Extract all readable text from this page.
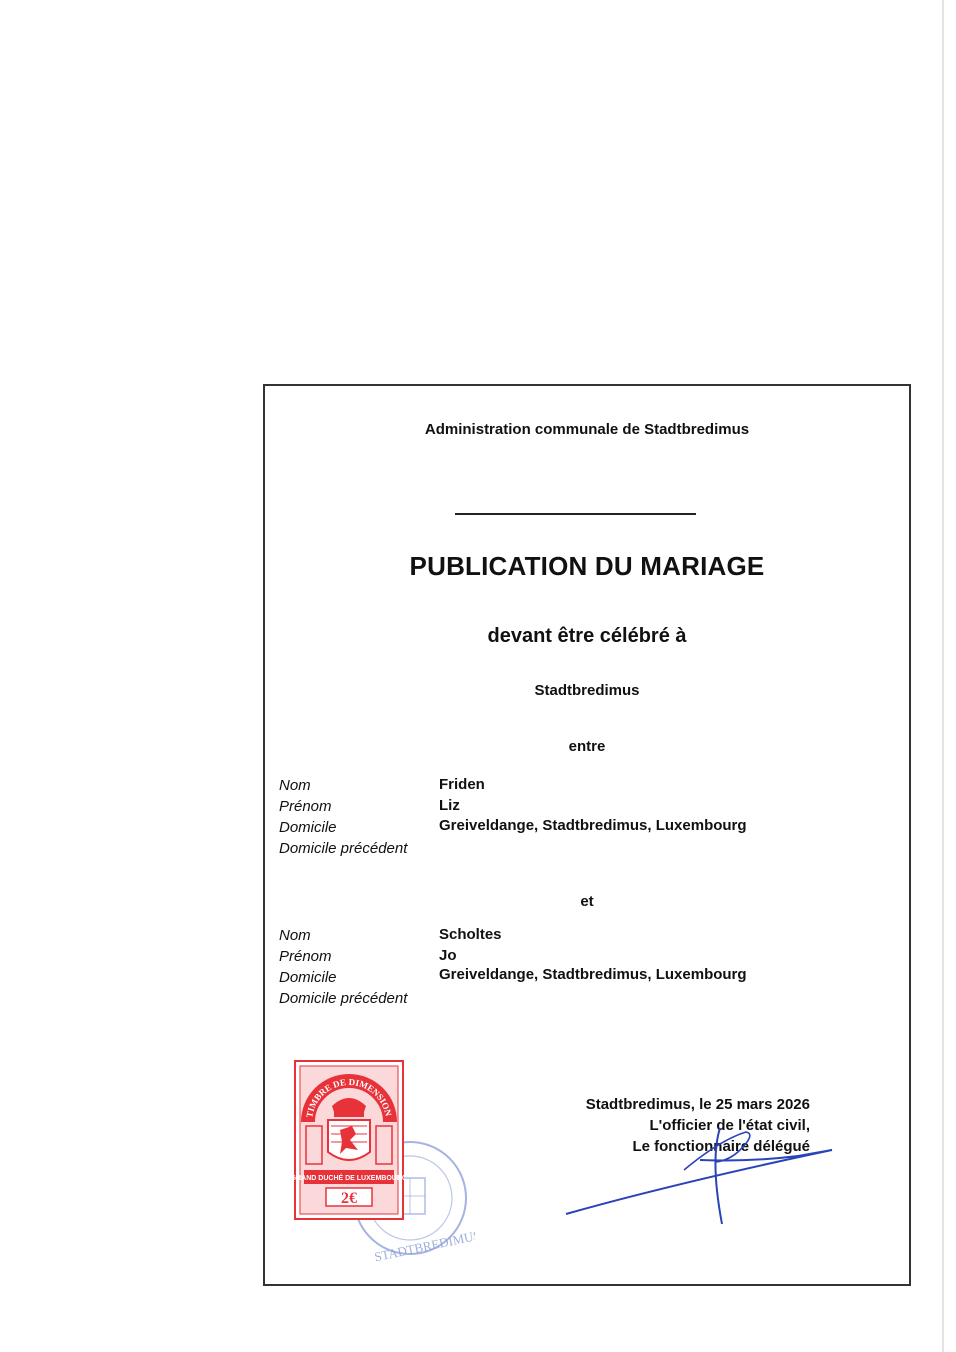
Administration communale de Stadtbredimus
PUBLICATION DU MARIAGE
devant être célébré à
Stadtbredimus
entre
Nom	Friden
Prénom	Liz
Domicile	Greiveldange, Stadtbredimus, Luxembourg
Domicile précédent
et
Nom	Scholtes
Prénom	Jo
Domicile	Greiveldange, Stadtbredimus, Luxembourg
Domicile précédent
STADTBREDIMUS
TIMBRE DE DIMENSION
GRAND DUCHÉ DE LUXEMBOURG
2€
Stadtbredimus, le 25 mars 2026
L'officier de l'état civil,
Le fonctionnaire délégué
